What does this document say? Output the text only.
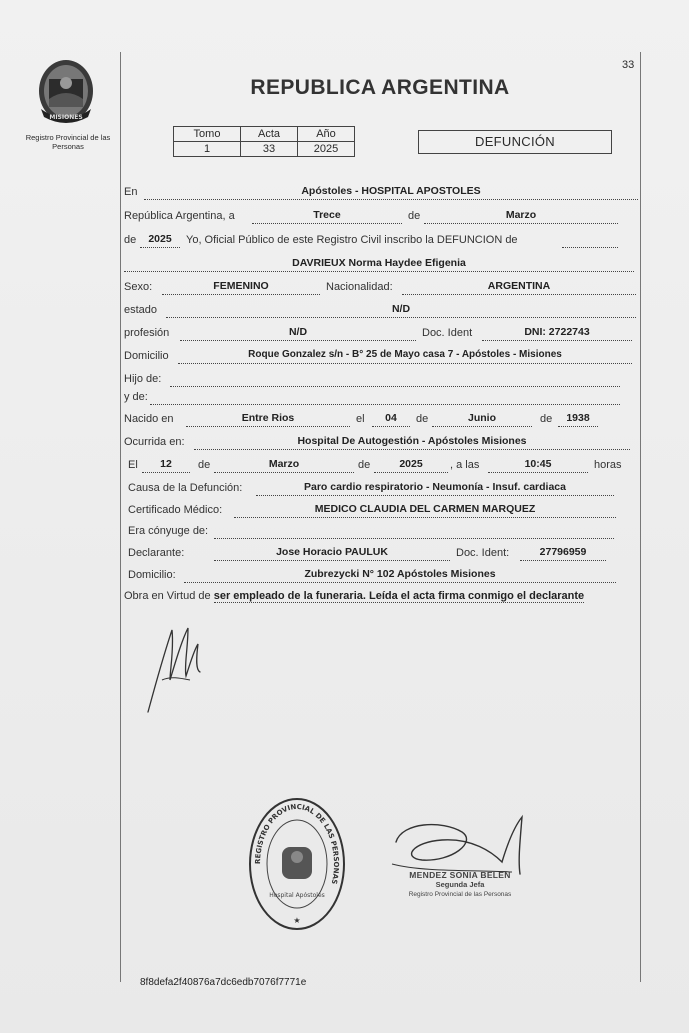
33
MISIONES
Registro Provincial de las Personas
REPUBLICA ARGENTINA
Tomo	Acta	Año
1	33	2025	DEFUNCIÓN
En	Apóstoles - HOSPITAL APOSTOLES
República Argentina, a	Trece	de	Marzo
de	2025	Yo, Oficial Público de este Registro Civil inscribo la DEFUNCION de
DAVRIEUX Norma Haydee Efigenia
Sexo:	FEMENINO	Nacionalidad:	ARGENTINA
estado	N/D
profesión	N/D	Doc. Ident	DNI: 2722743
Domicilio	Roque Gonzalez s/n - B° 25 de Mayo casa 7 - Apóstoles - Misiones
Hijo de:
y de:
Nacido en	Entre Rios	el	04	de	Junio	de	1938
Ocurrida en:	Hospital De Autogestión - Apóstoles Misiones
El	12	de	Marzo	de	2025	, a las	10:45	horas
Causa de la Defunción:	Paro cardio respiratorio - Neumonía - Insuf. cardiaca
Certificado Médico:	MEDICO CLAUDIA DEL CARMEN MARQUEZ
Era cónyuge de:
Declarante:	Jose Horacio PAULUK	Doc. Ident:	27796959
Domicilio:	Zubrezycki N° 102 Apóstoles Misiones
Obra en Virtud de ser empleado de la funeraria. Leída el acta firma conmigo el declarante
REGISTRO PROVINCIAL DE LAS PERSONAS
Hospital Apóstoles
★
MENDEZ SONIA BELEN
Segunda Jefa
Registro Provincial de las Personas
8f8defa2f40876a7dc6edb7076f7771e
